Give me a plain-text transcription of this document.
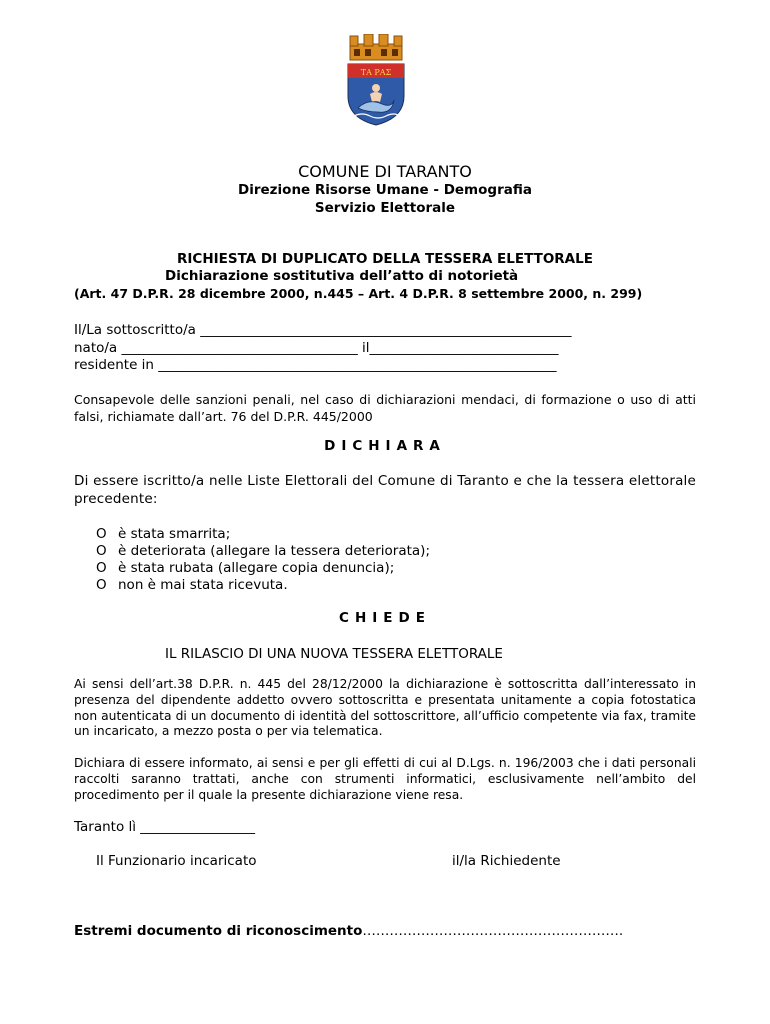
ΤΑ ΡΑΣ
COMUNE DI TARANTO
Direzione Risorse Umane - Demografia
Servizio Elettorale
RICHIESTA DI DUPLICATO DELLA TESSERA ELETTORALE
Dichiarazione sostitutiva dell’atto di notorietà
(Art. 47 D.P.R. 28 dicembre 2000, n.445 – Art. 4 D.P.R. 8 settembre 2000, n. 299)
Il/La sottoscritto/a _______________________________________________________
nato/a ___________________________________ il____________________________
residente in ___________________________________________________________
Consapevole delle sanzioni penali, nel caso di dichiarazioni mendaci, di formazione o uso di atti falsi, richiamate dall’art. 76 del D.P.R. 445/2000
DICHIARA
Di essere iscritto/a nelle Liste Elettorali del Comune di Taranto e che la tessera elettorale precedente:
O è stata smarrita;
O è deteriorata (allegare la tessera deteriorata);
O è stata rubata (allegare copia denuncia);
O non è mai stata ricevuta.
CHIEDE
IL RILASCIO DI UNA NUOVA TESSERA ELETTORALE
Ai sensi dell’art.38 D.P.R. n. 445 del 28/12/2000 la dichiarazione è sottoscritta dall’interessato in presenza del dipendente addetto ovvero sottoscritta e presentata unitamente a copia fotostatica non autenticata di un documento di identità del sottoscrittore, all’ufficio competente via fax, tramite un incaricato, a mezzo posta o per via telematica.
Dichiara di essere informato, ai sensi e per gli effetti di cui al D.Lgs. n. 196/2003 che i dati personali raccolti saranno trattati, anche con strumenti informatici, esclusivamente nell’ambito del procedimento per il quale la presente dichiarazione viene resa.
Taranto lì _________________
Il Funzionario incaricato	il/la Richiedente
Estremi documento di riconoscimento………………………………………………….
